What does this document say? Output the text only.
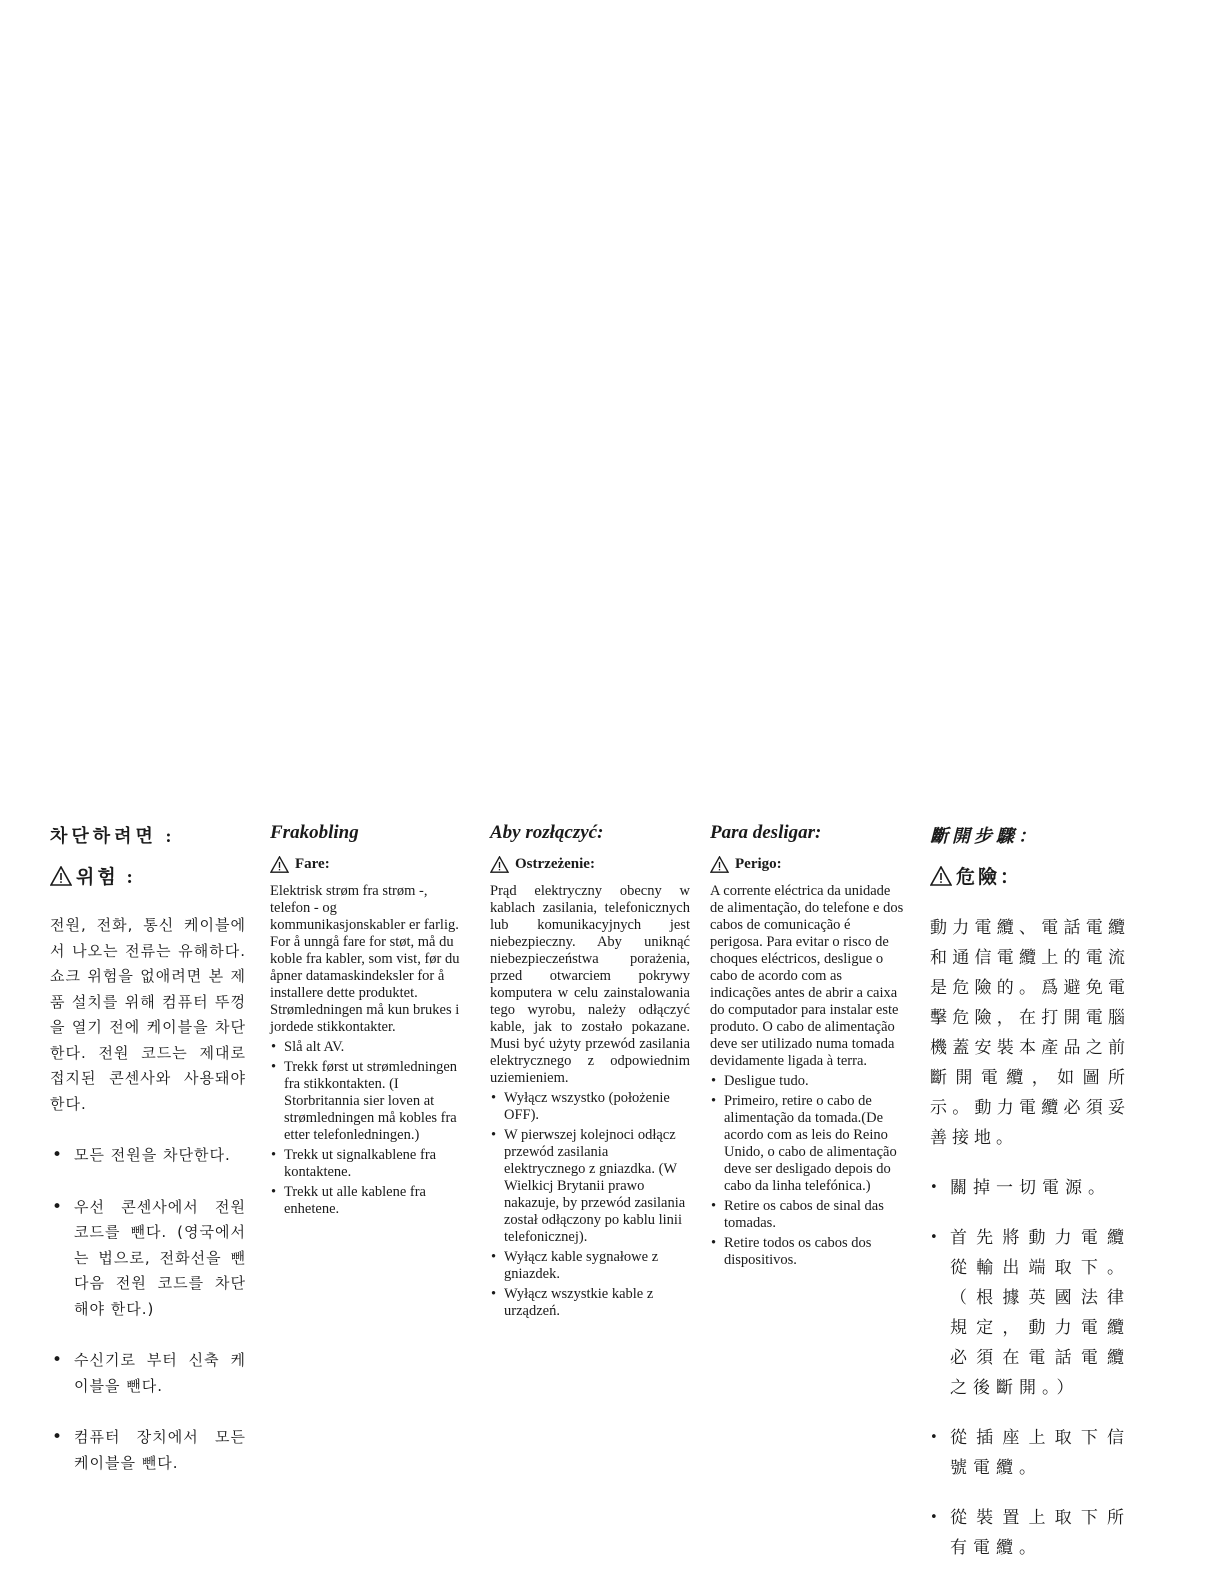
차단하려면 :
위험 :
전원, 전화, 통신 케이블에서 나오는 전류는 유해하다. 쇼크 위험을 없애려면 본 제품 설치를 위해 컴퓨터 뚜껑을 열기 전에 케이블을 차단한다. 전원 코드는 제대로 접지된 콘센사와 사용돼야 한다.
• 모든 전원을 차단한다.
• 우선 콘센사에서 전원 코드를 뺀다. (영국에서는 법으로, 전화선을 뺀 다음 전원 코드를 차단해야 한다.)
• 수신기로 부터 신축 케이블을 뺀다.
• 컴퓨터 장치에서 모든 케이블을 뺀다.
Frakobling
Fare:
Elektrisk strøm fra strøm -, telefon - og kommunikasjonskabler er farlig. For å unngå fare for støt, må du koble fra kabler, som vist, før du åpner datamaskindeksler for å installere dette produktet. Strømledningen må kun brukes i jordede stikkontakter.
• Slå alt AV.
• Trekk først ut strømledningen fra stikkontakten. (I Storbritannia sier loven at strømledningen må kobles fra etter telefonledningen.)
• Trekk ut signalkablene fra kontaktene.
• Trekk ut alle kablene fra enhetene.
Aby rozłączyć:
Ostrzeżenie:
Prąd elektryczny obecny w kablach zasilania, telefonicznych lub komunikacyjnych jest niebezpieczny. Aby uniknąć niebezpieczeństwa porażenia, przed otwarciem pokrywy komputera w celu zainstalowania tego wyrobu, należy odłączyć kable, jak to zostało pokazane. Musi być użyty przewód zasilania elektrycznego z odpowiednim uziemieniem.
• Wyłącz wszystko (położenie OFF).
• W pierwszej kolejnoci odłącz przewód zasilania elektrycznego z gniazdka. (W Wielkicj Brytanii prawo nakazuje, by przewód zasilania został odłączony po kablu linii telefonicznej).
• Wyłącz kable sygnałowe z gniazdek.
• Wyłącz wszystkie kable z urządzeń.
Para desligar:
Perigo:
A corrente eléctrica da unidade de alimentação, do telefone e dos cabos de comunicação é perigosa. Para evitar o risco de choques eléctricos, desligue o cabo de acordo com as indicações antes de abrir a caixa do computador para instalar este produto. O cabo de alimentação deve ser utilizado numa tomada devidamente ligada à terra.
• Desligue tudo.
• Primeiro, retire o cabo de alimentação da tomada.(De acordo com as leis do Reino Unido, o cabo de alimentação deve ser desligado depois do cabo da linha telefónica.)
• Retire os cabos de sinal das tomadas.
• Retire todos os cabos dos dispositivos.
斷開步驟：
危險：
動力電纜、電話電纜和通信電纜上的電流是危險的。爲避免電擊危險，在打開電腦機蓋安裝本產品之前斷開電纜，如圖所示。動力電纜必須妥善接地。
• 關掉一切電源。
• 首先將動力電纜從輸出端取下。（根據英國法律規定，動力電纜必須在電話電纜之後斷開。）
• 從插座上取下信號電纜。
• 從裝置上取下所有電纜。
